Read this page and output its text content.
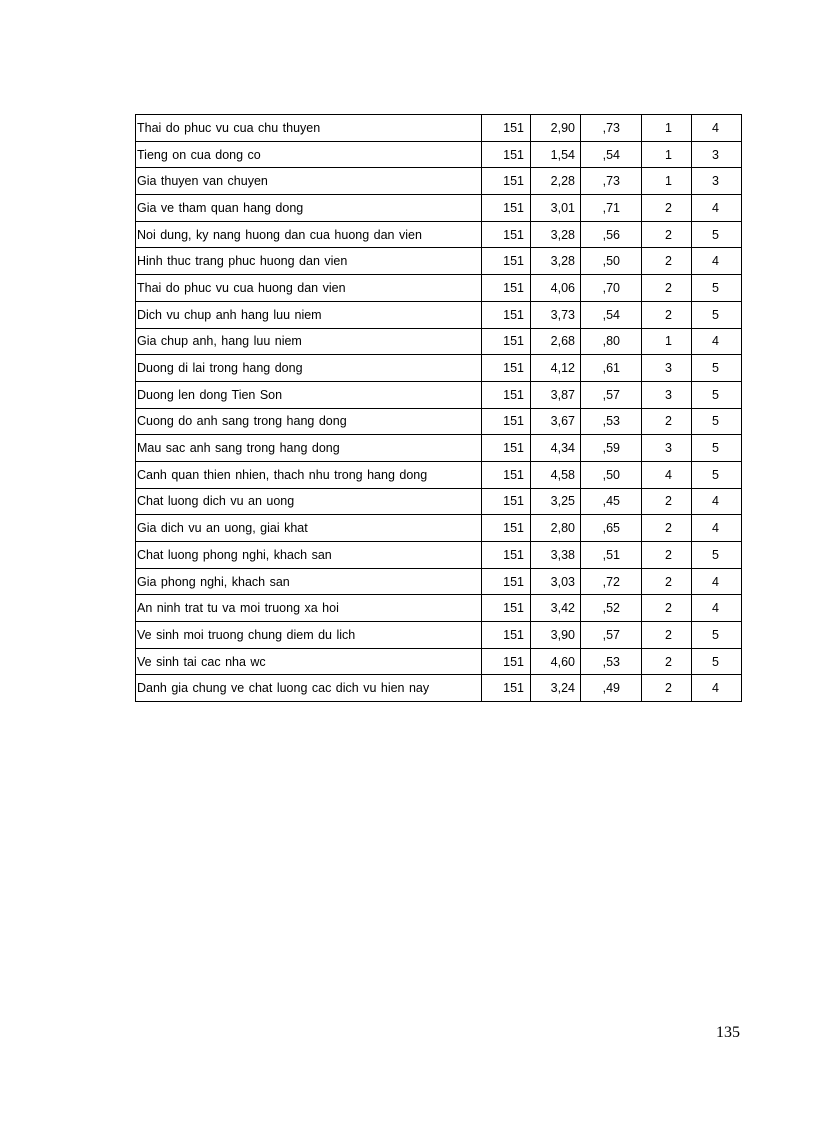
Thai do phuc vu cua chu thuyen	151	2,90	,73	1	4
Tieng on cua dong co	151	1,54	,54	1	3
Gia thuyen van chuyen	151	2,28	,73	1	3
Gia ve tham quan hang dong	151	3,01	,71	2	4
Noi dung, ky nang huong dan cua huong dan vien	151	3,28	,56	2	5
Hinh thuc trang phuc huong dan vien	151	3,28	,50	2	4
Thai do phuc vu cua huong dan vien	151	4,06	,70	2	5
Dich vu chup anh hang luu niem	151	3,73	,54	2	5
Gia chup anh, hang luu niem	151	2,68	,80	1	4
Duong di lai trong hang dong	151	4,12	,61	3	5
Duong len dong Tien Son	151	3,87	,57	3	5
Cuong do anh sang trong hang dong	151	3,67	,53	2	5
Mau sac anh sang trong hang dong	151	4,34	,59	3	5
Canh quan thien nhien, thach nhu trong hang dong	151	4,58	,50	4	5
Chat luong dich vu an uong	151	3,25	,45	2	4
Gia dich vu an uong, giai khat	151	2,80	,65	2	4
Chat luong phong nghi, khach san	151	3,38	,51	2	5
Gia phong nghi, khach san	151	3,03	,72	2	4
An ninh trat tu va moi truong xa hoi	151	3,42	,52	2	4
Ve sinh moi truong chung diem du lich	151	3,90	,57	2	5
Ve sinh tai cac nha wc	151	4,60	,53	2	5
Danh gia chung ve chat luong cac dich vu hien nay	151	3,24	,49	2	4
135
